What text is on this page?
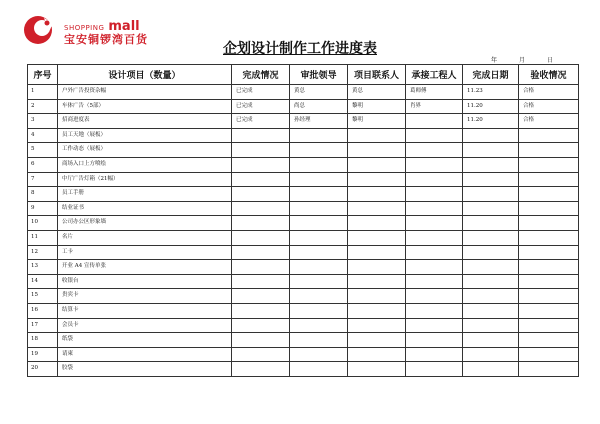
SHOPPING mall
宝安铜锣湾百货
企划设计制作工作进度表
年	月	日
序号	设计项目（数量）	完成情况	审批领导	项目联系人	承接工程人	完成日期	验收情况
1	户外广告投资杂幅	已完成	黄总	黄总	葛师傅	11.23	合格
2	车体广告（5部）	已完成	尚总	黎明	肖界	11.20	合格
3	招商进度表	已完成	孙经理	黎明		11.20	合格
4	员工天地（展板）						
5	工作动态（展板）						
6	商场入口上方喷绘						
7	中厅广告灯箱（21幅）						
8	员工手册						
9	结业证书						
10	公司办公区形象墙						
11	名片						
12	工卡						
13	开业 A4 宣传单张						
14	收银台						
15	贵宾卡						
16	结算卡						
17	会员卡						
18	纸袋						
19	请柬						
20	胶袋						
